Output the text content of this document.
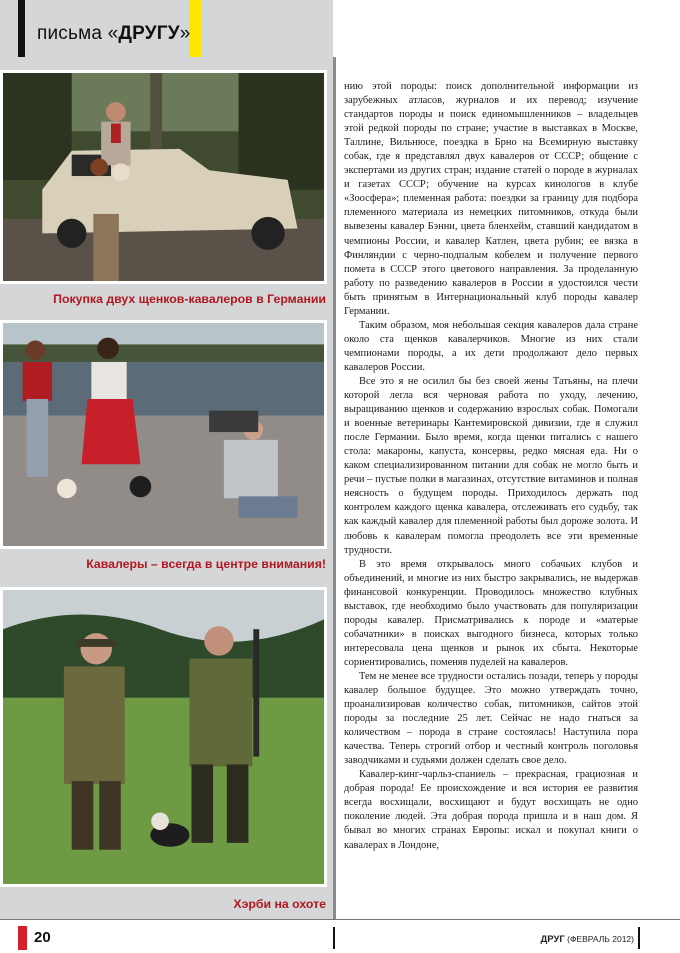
письма «ДРУГУ»
Покупка двух щенков-кавалеров в Германии
Кавалеры – всегда в центре внимания!
Хэрби на охоте

нию этой породы: поиск дополнительной информации из зарубежных атласов, журналов и их перевод; изучение стандартов породы и поиск единомышленников – владельцев этой редкой породы по стране; участие в выставках в Москве, Таллине, Вильнюсе, поездка в Брно на Всемирную выставку собак, где я представлял двух кавалеров от СССР; общение с экспертами из других стран; издание статей о породе в журналах и газетах СССР; обучение на курсах кинологов в клубе «Зоосфера»; племенная работа: поездки за границу для подбора племенного материала из немецких питомников, откуда были вывезены кавалер Бэнни, цвета бленхейм, ставший кандидатом в чемпионы России, и кавалер Катлен, цвета рубин; ее вязка в Финляндии с черно-подпалым кобелем и получение первого помета в СССР этого цветового направления. За проделанную работу по разведению кавалеров в России я удостоился чести быть принятым в Интернациональный клуб породы кавалер Германии.

Таким образом, моя небольшая секция кавалеров дала стране около ста щенков кавалерчиков. Многие из них стали чемпионами породы, а их дети продолжают дело первых кавалеров России.

Все это я не осилил бы без своей жены Татьяны, на плечи которой легла вся черновая работа по уходу, лечению, выращиванию щенков и содержанию взрослых собак. Помогали и военные ветеринары Кантемировской дивизии, где я служил после Германии. Было время, когда щенки питались с нашего стола: макароны, капуста, консервы, редко мясная еда. Ни о каком специализированном питании для собак не могло быть и речи – пустые полки в магазинах, отсутствие витаминов и полная неясность о будущем породы. Приходилось держать под контролем каждого щенка кавалера, отслеживать его судьбу, так как каждый кавалер для племенной работы был дороже золота. И любовь к кавалерам помогла преодолеть все эти временные трудности.

В это время открывалось много собачьих клубов и объединений, и многие из них быстро закрывались, не выдержав финансовой конкуренции. Проводилось множество клубных выставок, где необходимо было участвовать для популяризации породы кавалер. Присматривались к породе и «матерые собачатники» в поисках выгодного бизнеса, которых только интересовала цена щенков и рынок их сбыта. Некоторые сориентировались, поменяв пуделей на кавалеров.

Тем не менее все трудности остались позади, теперь у породы кавалер большое будущее. Это можно утверждать точно, проанализировав количество собак, питомников, сайтов этой породы за последние 25 лет. Сейчас не надо гнаться за количеством – порода в стране состоялась! Наступила пора качества. Теперь строгий отбор и честный контроль поголовья заводчиками и судьями должен сделать свое дело.

Кавалер-кинг-чарльз-спаниель – прекрасная, грациозная и добрая порода! Ее происхождение и вся история ее развития всегда восхищали, восхищают и будут восхищать не одно поколение людей. Эта добрая порода пришла и в наш дом. Я бывал во многих странах Европы: искал и покупал книги о кавалерах в Лондоне,

20	ДРУГ (ФЕВРАЛЬ 2012)
